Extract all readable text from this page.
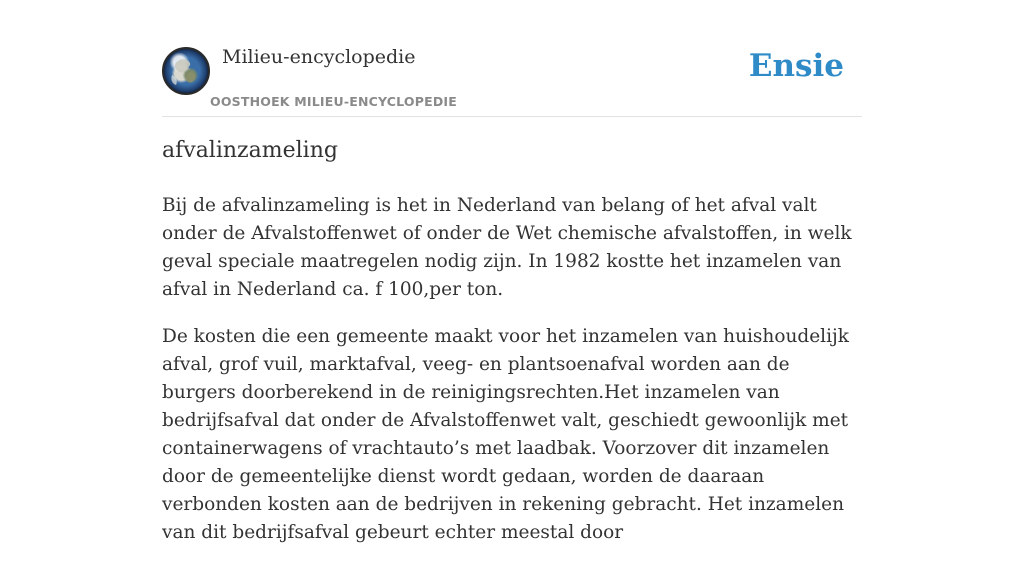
Milieu-encyclopedie
OOSTHOEK MILIEU-ENCYCLOPEDIE
Ensie
afvalinzameling

Bij de afvalinzameling is het in Nederland van belang of het afval valt onder de Afvalstoffenwet of onder de Wet chemische afvalstoffen, in welk geval speciale maatregelen nodig zijn. In 1982 kostte het inzamelen van afval in Nederland ca. f 100,per ton.

De kosten die een gemeente maakt voor het inzamelen van huishoudelijk afval, grof vuil, marktafval, veeg- en plantsoenafval worden aan de burgers doorberekend in de reinigingsrechten.Het inzamelen van bedrijfsafval dat onder de Afvalstoffenwet valt, geschiedt gewoonlijk met containerwagens of vrachtauto’s met laadbak. Voorzover dit inzamelen door de gemeentelijke dienst wordt gedaan, worden de daaraan verbonden kosten aan de bedrijven in rekening gebracht. Het inzamelen van dit bedrijfsafval gebeurt echter meestal door
